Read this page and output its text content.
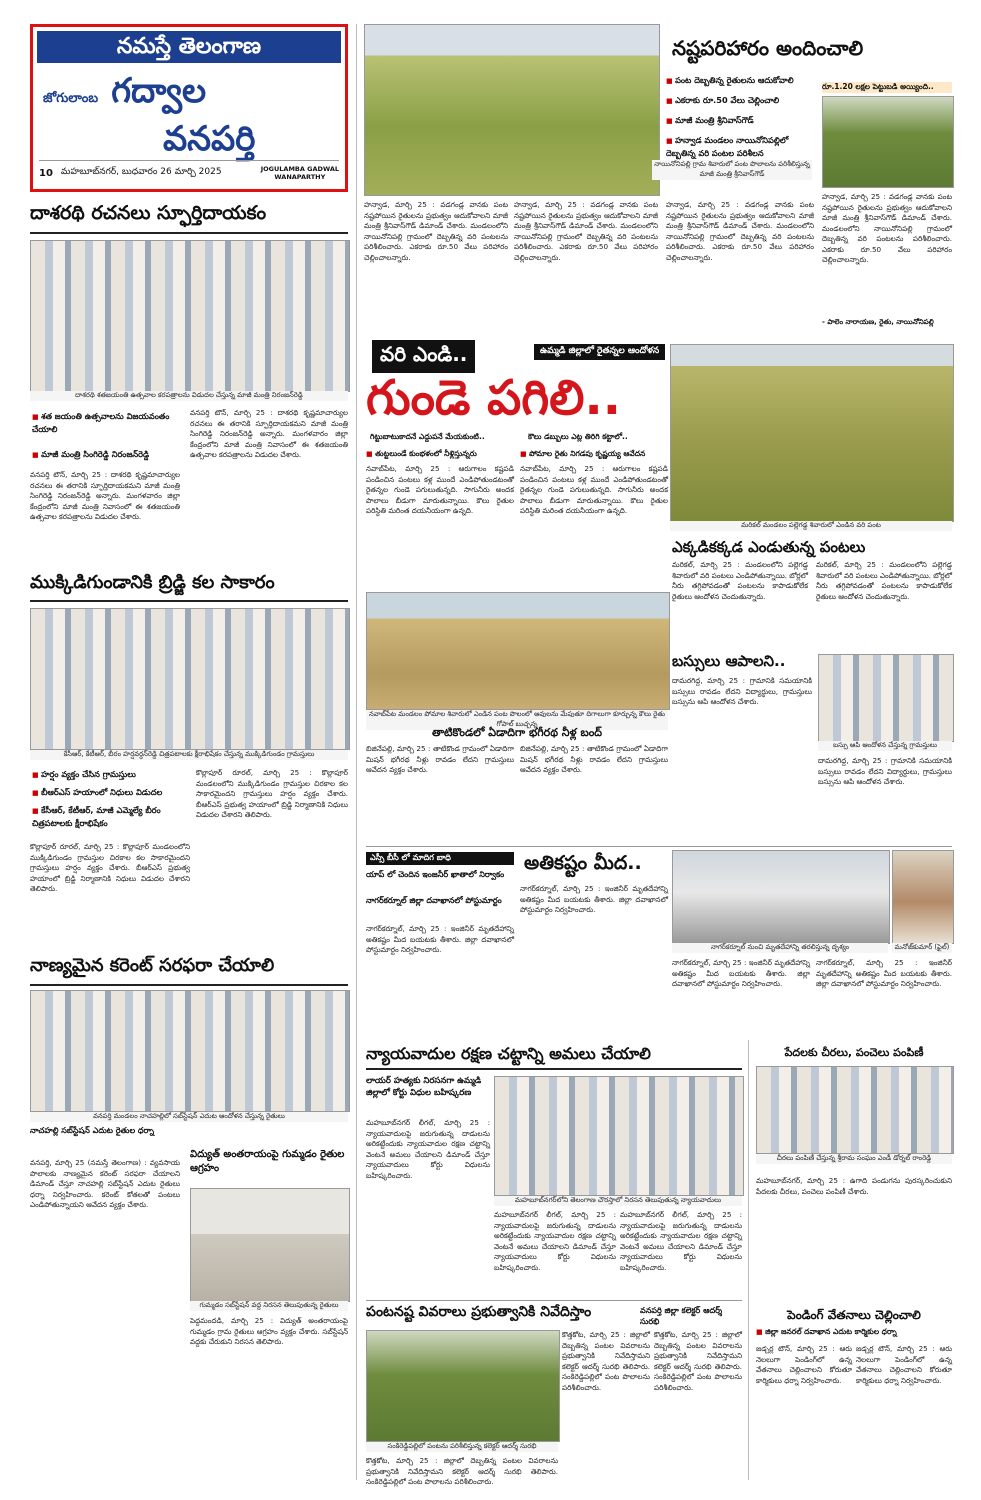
నమస్తే తెలంగాణ
జోగులాంబ గద్వాల
వనపర్తి
10 మహబూబ్‌నగర్, బుధవారం 26 మార్చి 2025	JOGULAMBA GADWAL
WANAPARTHY
దాశరథి రచనలు స్ఫూర్తిదాయకం
దాశరథి శతజయంతి ఉత్సవాల కరపత్రాలను విడుదల చేస్తున్న మాజీ మంత్రి నిరంజన్‌రెడ్డి
■ శత జయంతి ఉత్సవాలను విజయవంతం చేయాలి
■ మాజీ మంత్రి సింగిరెడ్డి నిరంజన్‌రెడ్డి
వనపర్తి టౌన్, మార్చి 25 : దాశరథి కృష్ణమాచార్యుల రచనలు ఈ తరానికి స్ఫూర్తిదాయకమని మాజీ మంత్రి సింగిరెడ్డి నిరంజన్‌రెడ్డి అన్నారు. మంగళవారం జిల్లా కేంద్రంలోని మాజీ మంత్రి నివాసంలో ఈ శతజయంతి ఉత్సవాల కరపత్రాలను విడుదల చేశారు.
వనపర్తి టౌన్, మార్చి 25 : దాశరథి కృష్ణమాచార్యుల రచనలు ఈ తరానికి స్ఫూర్తిదాయకమని మాజీ మంత్రి సింగిరెడ్డి నిరంజన్‌రెడ్డి అన్నారు. మంగళవారం జిల్లా కేంద్రంలోని మాజీ మంత్రి నివాసంలో ఈ శతజయంతి ఉత్సవాల కరపత్రాలను విడుదల చేశారు.
ముక్కిడిగుండానికి బ్రిడ్జి కల సాకారం
కేసీఆర్, కేటీఆర్, బీరం హర్షవర్ధన్‌రెడ్డి చిత్రపటాలకు క్షీరాభిషేకం చేస్తున్న ముక్కిడిగుండం గ్రామస్తులు
■ హర్షం వ్యక్తం చేసిన గ్రామస్తులు
■ బీఆర్‌ఎస్ హయాంలో నిధులు విడుదల
■ కేసీఆర్, కేటీఆర్, మాజీ ఎమ్మెల్యే బీరం చిత్రపటాలకు క్షీరాభిషేకం
కొల్లాపూర్ రూరల్, మార్చి 25 : కొల్లాపూర్ మండలంలోని ముక్కిడిగుండం గ్రామస్తుల చిరకాల కల సాకారమైందని గ్రామస్తులు హర్షం వ్యక్తం చేశారు. బీఆర్‌ఎస్ ప్రభుత్వ హయాంలో బ్రిడ్జి నిర్మాణానికి నిధులు విడుదల చేశారని తెలిపారు.
కొల్లాపూర్ రూరల్, మార్చి 25 : కొల్లాపూర్ మండలంలోని ముక్కిడిగుండం గ్రామస్తుల చిరకాల కల సాకారమైందని గ్రామస్తులు హర్షం వ్యక్తం చేశారు. బీఆర్‌ఎస్ ప్రభుత్వ హయాంలో బ్రిడ్జి నిర్మాణానికి నిధులు విడుదల చేశారని తెలిపారు.
నాణ్యమైన కరెంట్ సరఫరా చేయాలి
వనపర్తి మండలం నాచహల్లిలో సబ్‌స్టేషన్ ఎదుట ఆందోళన చేస్తున్న రైతులు
నాచహల్లి సబ్‌స్టేషన్ ఎదుట రైతుల ధర్నా
వనపర్తి, మార్చి 25 (నమస్తే తెలంగాణ) : వ్యవసాయ పొలాలకు నాణ్యమైన కరెంట్ సరఫరా చేయాలని డిమాండ్ చేస్తూ నాచహల్లి సబ్‌స్టేషన్ ఎదుట రైతులు ధర్నా నిర్వహించారు. కరెంట్ కోతలతో పంటలు ఎండిపోతున్నాయని ఆవేదన వ్యక్తం చేశారు.
విద్యుత్ అంతరాయంపై గుమ్మడం రైతుల ఆగ్రహం
గుమ్మడం సబ్‌స్టేషన్ వద్ద నిరసన తెలుపుతున్న రైతులు
పెద్దమందడి, మార్చి 25 : విద్యుత్ అంతరాయంపై గుమ్మడం గ్రామ రైతులు ఆగ్రహం వ్యక్తం చేశారు. సబ్‌స్టేషన్ వద్దకు చేరుకుని నిరసన తెలిపారు.
నష్టపరిహారం అందించాలి
■ పంట దెబ్బతిన్న రైతులను ఆదుకోవాలి
■ ఎకరాకు రూ.50 వేలు చెల్లించాలి
■ మాజీ మంత్రి శ్రీనివాస్‌గౌడ్
■ హన్వాడ మండలం నాయినోనిపల్లిలో దెబ్బతిన్న వరి పంటల పరిశీలన
నాయినోనిపల్లి గ్రామ శివారులో పంట పొలాలను పరిశీలిస్తున్న మాజీ మంత్రి శ్రీనివాస్‌గౌడ్
రూ.1.20 లక్షల పెట్టుబడి అయ్యింది..
హన్వాడ, మార్చి 25 : వడగండ్ల వానకు పంట నష్టపోయిన రైతులను ప్రభుత్వం ఆదుకోవాలని మాజీ మంత్రి శ్రీనివాస్‌గౌడ్ డిమాండ్ చేశారు. మండలంలోని నాయినోనిపల్లి గ్రామంలో దెబ్బతిన్న వరి పంటలను పరిశీలించారు. ఎకరాకు రూ.50 వేలు పరిహారం చెల్లించాలన్నారు.
- పాలెం నారాయణ, రైతు, నాయినోనిపల్లి
హన్వాడ, మార్చి 25 : వడగండ్ల వానకు పంట నష్టపోయిన రైతులను ప్రభుత్వం ఆదుకోవాలని మాజీ మంత్రి శ్రీనివాస్‌గౌడ్ డిమాండ్ చేశారు. మండలంలోని నాయినోనిపల్లి గ్రామంలో దెబ్బతిన్న వరి పంటలను పరిశీలించారు. ఎకరాకు రూ.50 వేలు పరిహారం చెల్లించాలన్నారు.
హన్వాడ, మార్చి 25 : వడగండ్ల వానకు పంట నష్టపోయిన రైతులను ప్రభుత్వం ఆదుకోవాలని మాజీ మంత్రి శ్రీనివాస్‌గౌడ్ డిమాండ్ చేశారు. మండలంలోని నాయినోనిపల్లి గ్రామంలో దెబ్బతిన్న వరి పంటలను పరిశీలించారు. ఎకరాకు రూ.50 వేలు పరిహారం చెల్లించాలన్నారు.
హన్వాడ, మార్చి 25 : వడగండ్ల వానకు పంట నష్టపోయిన రైతులను ప్రభుత్వం ఆదుకోవాలని మాజీ మంత్రి శ్రీనివాస్‌గౌడ్ డిమాండ్ చేశారు. మండలంలోని నాయినోనిపల్లి గ్రామంలో దెబ్బతిన్న వరి పంటలను పరిశీలించారు. ఎకరాకు రూ.50 వేలు పరిహారం చెల్లించాలన్నారు.
వరి ఎండి..	ఉమ్మడి జిల్లాలో రైతన్నల ఆందోళన
గుండె పగిలి..
గిట్టుబాటుకాదనే ఎద్దుపనే మేయకుంటి..	కౌలు డబ్బులు ఎట్ల తిరిగి కట్టాలో..
■ తుట్టలుండే కుంభళంలో నీళ్లిస్తున్నరు
■	పోమాల రైతు నిగడపు కృష్ణయ్య ఆవేదన
నవాబ్‌పేట, మార్చి 25 : ఆరుగాలం కష్టపడి పండించిన పంటలు కళ్ల ముందే ఎండిపోతుండటంతో రైతన్నల గుండె పగులుతున్నది. సాగునీరు అందక పొలాలు బీడుగా మారుతున్నాయి. కౌలు రైతుల పరిస్థితి మరింత దయనీయంగా ఉన్నది.
నవాబ్‌పేట, మార్చి 25 : ఆరుగాలం కష్టపడి పండించిన పంటలు కళ్ల ముందే ఎండిపోతుండటంతో రైతన్నల గుండె పగులుతున్నది. సాగునీరు అందక పొలాలు బీడుగా మారుతున్నాయి. కౌలు రైతుల పరిస్థితి మరింత దయనీయంగా ఉన్నది.
నవాబ్‌పేట మండలం పోమాల శివారులో ఎండిన పంట పొలంలో ఆవులను మేపుతూ దిగాలుగా కూర్చున్న కౌలు రైతు గోపాల్ బుచ్చన్న
మరికల్ మండలం పల్లెగడ్డ శివారులో ఎండిన వరి పంట
ఎక్కడికక్కడ ఎండుతున్న పంటలు
మరికల్, మార్చి 25 : మండలంలోని పల్లెగడ్డ శివారులో వరి పంటలు ఎండిపోతున్నాయి. బోర్లలో నీరు తగ్గిపోవడంతో పంటలను కాపాడుకోలేక రైతులు ఆందోళన చెందుతున్నారు.
మరికల్, మార్చి 25 : మండలంలోని పల్లెగడ్డ శివారులో వరి పంటలు ఎండిపోతున్నాయి. బోర్లలో నీరు తగ్గిపోవడంతో పంటలను కాపాడుకోలేక రైతులు ఆందోళన చెందుతున్నారు.
బస్సులు ఆపాలని..
బస్సు ఆపి ఆందోళన చేస్తున్న గ్రామస్తులు
దామరగిద్ద, మార్చి 25 : గ్రామానికి సమయానికి బస్సులు రావడం లేదని విద్యార్థులు, గ్రామస్తులు బస్సును ఆపి ఆందోళన చేశారు.
దామరగిద్ద, మార్చి 25 : గ్రామానికి సమయానికి బస్సులు రావడం లేదని విద్యార్థులు, గ్రామస్తులు బస్సును ఆపి ఆందోళన చేశారు.
తాటికొండలో ఏడాదిగా భగీరథ నీళ్ల బంద్
బిజినేపల్లి, మార్చి 25 : తాటికొండ గ్రామంలో ఏడాదిగా మిషన్ భగీరథ నీళ్లు రావడం లేదని గ్రామస్తులు ఆవేదన వ్యక్తం చేశారు.
బిజినేపల్లి, మార్చి 25 : తాటికొండ గ్రామంలో ఏడాదిగా మిషన్ భగీరథ నీళ్లు రావడం లేదని గ్రామస్తులు ఆవేదన వ్యక్తం చేశారు.
ఎస్సీ బీసీ లో మాదిగ బాధి
యాప్ లో చెందిన ఇంజనీర్ ఖాతాలో నిర్వాకం
నాగర్‌కర్నూల్ జిల్లా దవాఖానలో పోస్టుమార్టం
అతికష్టం మీద..
నాగర్‌కర్నూల్, మార్చి 25 : ఇంజినీర్ మృతదేహాన్ని అతికష్టం మీద బయటకు తీశారు. జిల్లా దవాఖానలో పోస్టుమార్టం నిర్వహించారు.
నాగర్‌కర్నూల్, మార్చి 25 : ఇంజినీర్ మృతదేహాన్ని అతికష్టం మీద బయటకు తీశారు. జిల్లా దవాఖానలో పోస్టుమార్టం నిర్వహించారు.
నాగర్‌కర్నూల్ నుంచి మృతదేహాన్ని తరలిస్తున్న దృశ్యం	మనోజ్‌కుమార్ (ఫైల్)
నాగర్‌కర్నూల్, మార్చి 25 : ఇంజినీర్ మృతదేహాన్ని అతికష్టం మీద బయటకు తీశారు. జిల్లా దవాఖానలో పోస్టుమార్టం నిర్వహించారు.
నాగర్‌కర్నూల్, మార్చి 25 : ఇంజినీర్ మృతదేహాన్ని అతికష్టం మీద బయటకు తీశారు. జిల్లా దవాఖానలో పోస్టుమార్టం నిర్వహించారు.
న్యాయవాదుల రక్షణ చట్టాన్ని అమలు చేయాలి
లాయర్ హత్యకు నిరసనగా ఉమ్మడి జిల్లాలో కోర్టు విధుల బహిష్కరణ
మహబూబ్‌నగర్ లీగల్, మార్చి 25 : న్యాయవాదులపై జరుగుతున్న దాడులను అరికట్టేందుకు న్యాయవాదుల రక్షణ చట్టాన్ని వెంటనే అమలు చేయాలని డిమాండ్ చేస్తూ న్యాయవాదులు కోర్టు విధులను బహిష్కరించారు.
మహబూబ్‌నగర్‌లోని తెలంగాణ చౌరస్తాలో నిరసన తెలుపుతున్న న్యాయవాదులు
మహబూబ్‌నగర్ లీగల్, మార్చి 25 : న్యాయవాదులపై జరుగుతున్న దాడులను అరికట్టేందుకు న్యాయవాదుల రక్షణ చట్టాన్ని వెంటనే అమలు చేయాలని డిమాండ్ చేస్తూ న్యాయవాదులు కోర్టు విధులను బహిష్కరించారు.
మహబూబ్‌నగర్ లీగల్, మార్చి 25 : న్యాయవాదులపై జరుగుతున్న దాడులను అరికట్టేందుకు న్యాయవాదుల రక్షణ చట్టాన్ని వెంటనే అమలు చేయాలని డిమాండ్ చేస్తూ న్యాయవాదులు కోర్టు విధులను బహిష్కరించారు.
పేదలకు చీరలు, పంచెలు పంపిణీ
చీరలు పంపిణీ చేస్తున్న శ్రీరామ సంఘం ఎండీ డోర్నల్ రాంరెడ్డి
మహబూబ్‌నగర్, మార్చి 25 : ఉగాది పండుగను పురస్కరించుకుని పేదలకు చీరలు, పంచెలు పంపిణీ చేశారు.
పెండింగ్ వేతనాలు చెల్లించాలి
■ జిల్లా జనరల్ దవాఖాన ఎదుట కార్మికుల ధర్నా
జడ్చర్ల టౌన్, మార్చి 25 : ఆరు నెలలుగా పెండింగ్‌లో ఉన్న వేతనాలు చెల్లించాలని కోరుతూ కార్మికులు ధర్నా నిర్వహించారు.
జడ్చర్ల టౌన్, మార్చి 25 : ఆరు నెలలుగా పెండింగ్‌లో ఉన్న వేతనాలు చెల్లించాలని కోరుతూ కార్మికులు ధర్నా నిర్వహించారు.
పంటనష్ట వివరాలు ప్రభుత్వానికి నివేదిస్తాం	వనపర్తి జిల్లా కలెక్టర్ ఆదర్శ్ సురభి
సంకిరెడ్డిపల్లిలో పంటను పరిశీలిస్తున్న కలెక్టర్ ఆదర్శ్ సురభి
కొత్తకోట, మార్చి 25 : జిల్లాలో దెబ్బతిన్న పంటల వివరాలను ప్రభుత్వానికి నివేదిస్తామని కలెక్టర్ ఆదర్శ్ సురభి తెలిపారు. సంకిరెడ్డిపల్లిలో పంట పొలాలను పరిశీలించారు.
కొత్తకోట, మార్చి 25 : జిల్లాలో దెబ్బతిన్న పంటల వివరాలను ప్రభుత్వానికి నివేదిస్తామని కలెక్టర్ ఆదర్శ్ సురభి తెలిపారు. సంకిరెడ్డిపల్లిలో పంట పొలాలను పరిశీలించారు.
కొత్తకోట, మార్చి 25 : జిల్లాలో దెబ్బతిన్న పంటల వివరాలను ప్రభుత్వానికి నివేదిస్తామని కలెక్టర్ ఆదర్శ్ సురభి తెలిపారు. సంకిరెడ్డిపల్లిలో పంట పొలాలను పరిశీలించారు.
